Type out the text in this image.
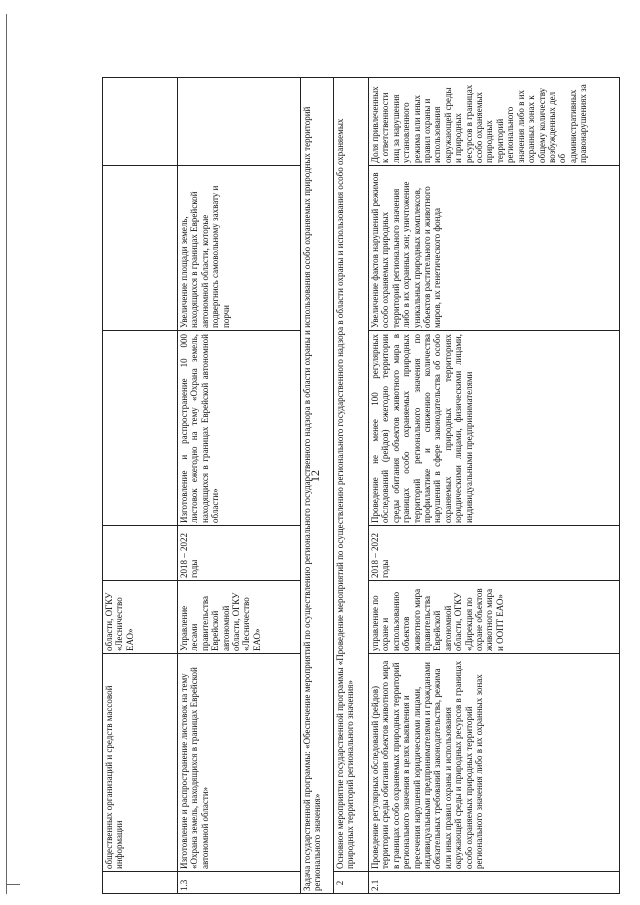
12
общественных организаций и средств массовой информации
области, ОГКУ «Лесничество ЕАО»
1.3
Изготовление и распространение листовок на тему «Охрана земель, находящихся в границах Еврейской автономной области»
Управление лесами правительства Еврейской автономной области, ОГКУ «Лесничество ЕАО»
2018 – 2022 годы
Изготовление и распространение 10 000 листовок ежегодно на тему «Охрана земель, находящихся в границах Еврейской автономной области»
Увеличение площади земель, находящихся в границах Еврейской автономной области, которые подвергнись самовольному захвату и порчи	Задача государственной программы: «Обеспечение мероприятий по осуществлению регионального государственного надзора в области охраны и использования особо охраняемых природных территорий регионального значения»	2
Основное мероприятие государственной программы «Проведение мероприятий по осуществлению регионального государственного надзора в области охраны и использования особо охраняемых природных территорий регионального значения»
2.1
Проведение регулярных обследований (рейдов) территории среды обитания объектов животного мира в границах особо охраняемых природных территорий регионального значения в целях выявления и пресечения нарушений юридическими лицами, индивидуальными предпринимателями и гражданами обязательных требований законодательства, режима или иных правил охраны и использования окружающей среды и природных ресурсов в границах особо охраняемых природных территорий регионального значения либо в их охранных зонах
управление по охране и использованию объектов животного мира правительства Еврейской автономной области, ОГКУ «Дирекция по охране объектов животного мира и ООПТ ЕАО»
2018 – 2022 годы
Проведение не менее 100 регулярных обследований (рейдов) ежегодно территории среды обитания объектов животного мира в границах особо охраняемых природных территорий регионального значения по профилактике и снижению количества нарушений в сфере законодательства об особо охраняемых природных территориях юридическими лицами, физическими лицами, индивидуальными предпринимателями
Увеличение фактов нарушений режимов особо охраняемых природных территорий регионального значения либо в их охранных зон; уничтожение уникальных природных комплексов, объектов растительного и животного миров, их генетического фонда
Доля привлеченных к ответственности лиц за нарушения установленного режима или иных правил охраны и использования окружающей среды и природных ресурсов в границах особо охраняемых природных территорий регионального значения либо в их охранных зонах к общему количеству возбужденных дел об административных правонарушениях за
